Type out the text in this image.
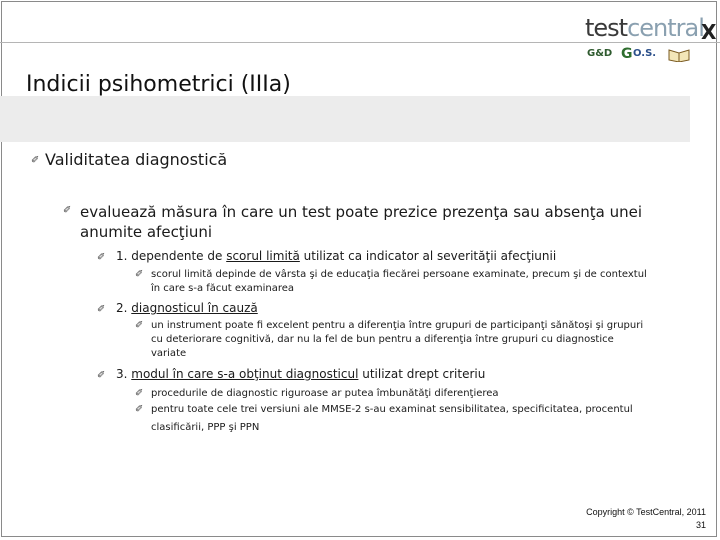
testcentral
X
G&D G O.S.
Indicii psihometrici (IIIa)
✐ Validitatea diagnostică
✐ evaluează măsura în care un test poate prezice prezenţa sau absenţa unei
anumite afecţiuni
✐ 1. dependente de scorul limită utilizat ca indicator al severităţii afecţiunii
✐ scorul limită depinde de vârsta şi de educaţia fiecărei persoane examinate, precum şi de contextul
în care s-a făcut examinarea
✐ 2. diagnosticul în cauză
✐ un instrument poate fi excelent pentru a diferenţia între grupuri de participanţi sănătoşi şi grupuri
cu deteriorare cognitivă, dar nu la fel de bun pentru a diferenţia între grupuri cu diagnostice
variate
✐ 3. modul în care s-a obţinut diagnosticul utilizat drept criteriu
✐ procedurile de diagnostic riguroase ar putea îmbunătăţi diferenţierea
✐ pentru toate cele trei versiuni ale MMSE-2 s-au examinat sensibilitatea, specificitatea, procentul
clasificării, PPP şi PPN
Copyright © TestCentral, 2011
31
